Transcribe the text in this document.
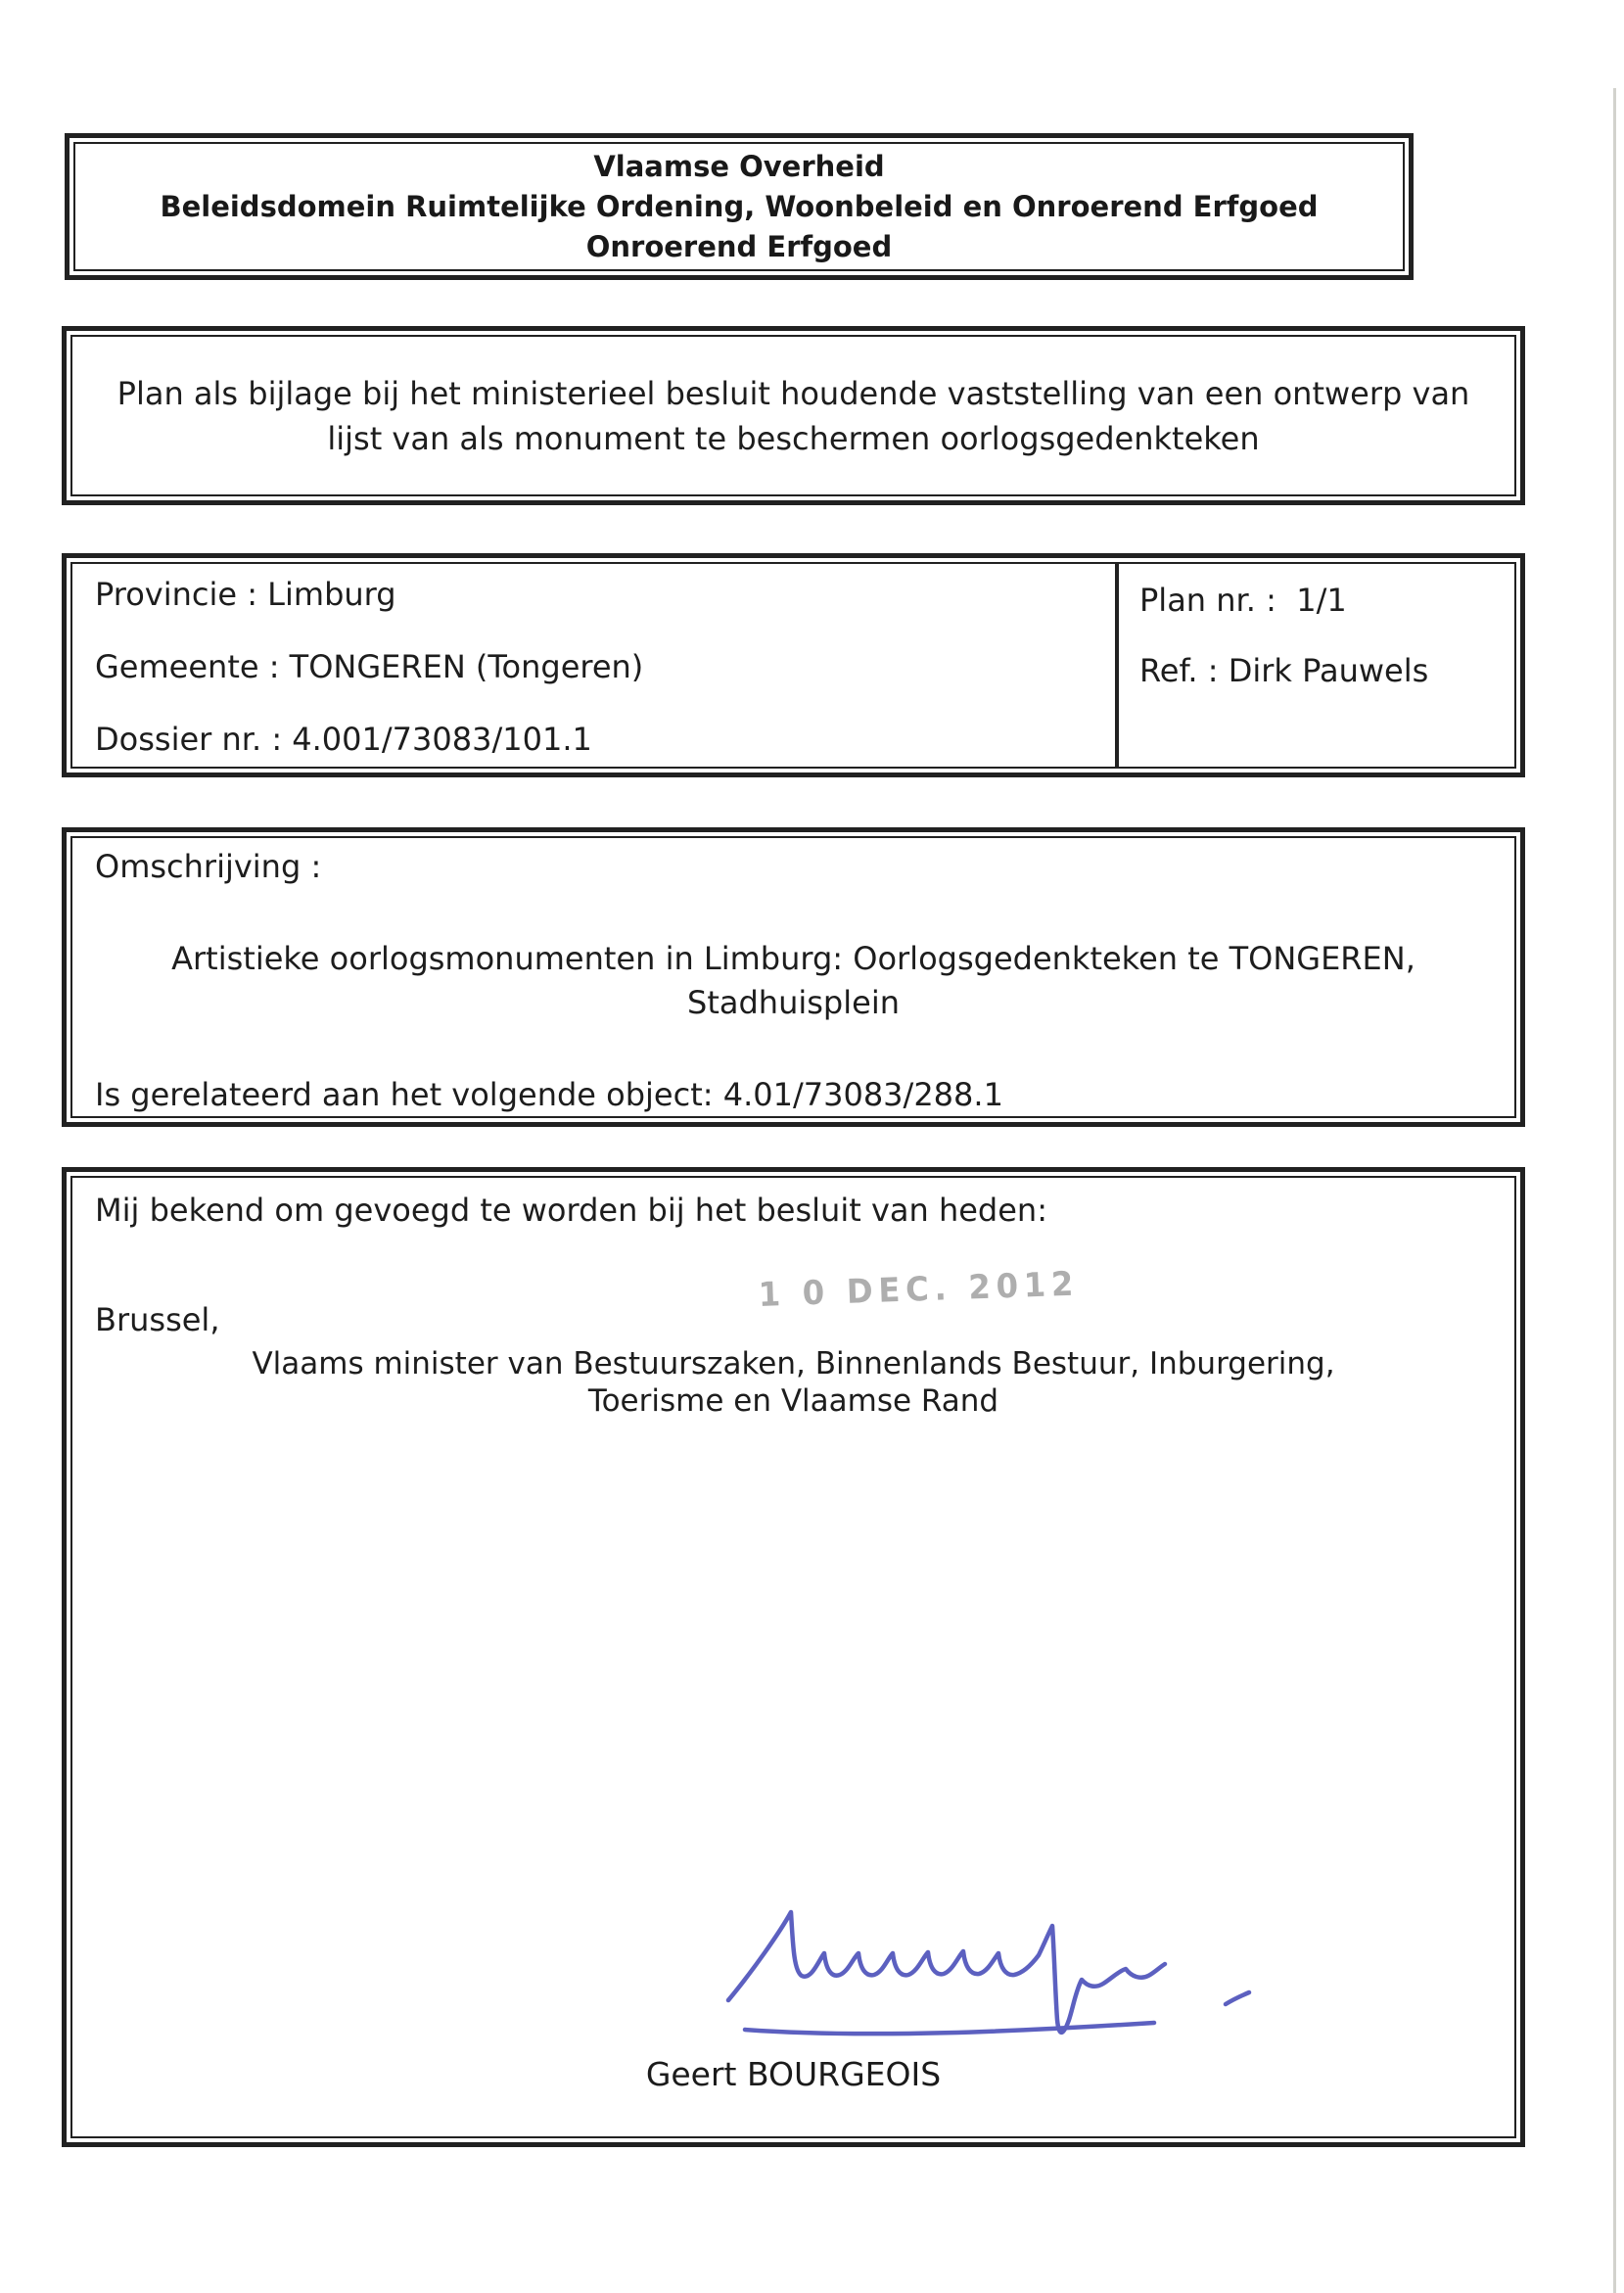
Vlaamse Overheid
Beleidsdomein Ruimtelijke Ordening, Woonbeleid en Onroerend Erfgoed
Onroerend Erfgoed
Plan als bijlage bij het ministerieel besluit houdende vaststelling van een ontwerp van
lijst van als monument te beschermen oorlogsgedenkteken
Provincie : Limburg
Gemeente : TONGEREN (Tongeren)
Dossier nr. : 4.001/73083/101.1
Plan nr. :  1/1
Ref. : Dirk Pauwels
Omschrijving :
Artistieke oorlogsmonumenten in Limburg: Oorlogsgedenkteken te TONGEREN,
Stadhuisplein
Is gerelateerd aan het volgende object: 4.01/73083/288.1
Mij bekend om gevoegd te worden bij het besluit van heden:
Brussel,
1 0 DEC. 2012
Vlaams minister van Bestuurszaken, Binnenlands Bestuur, Inburgering,
Toerisme en Vlaamse Rand
Geert BOURGEOIS
